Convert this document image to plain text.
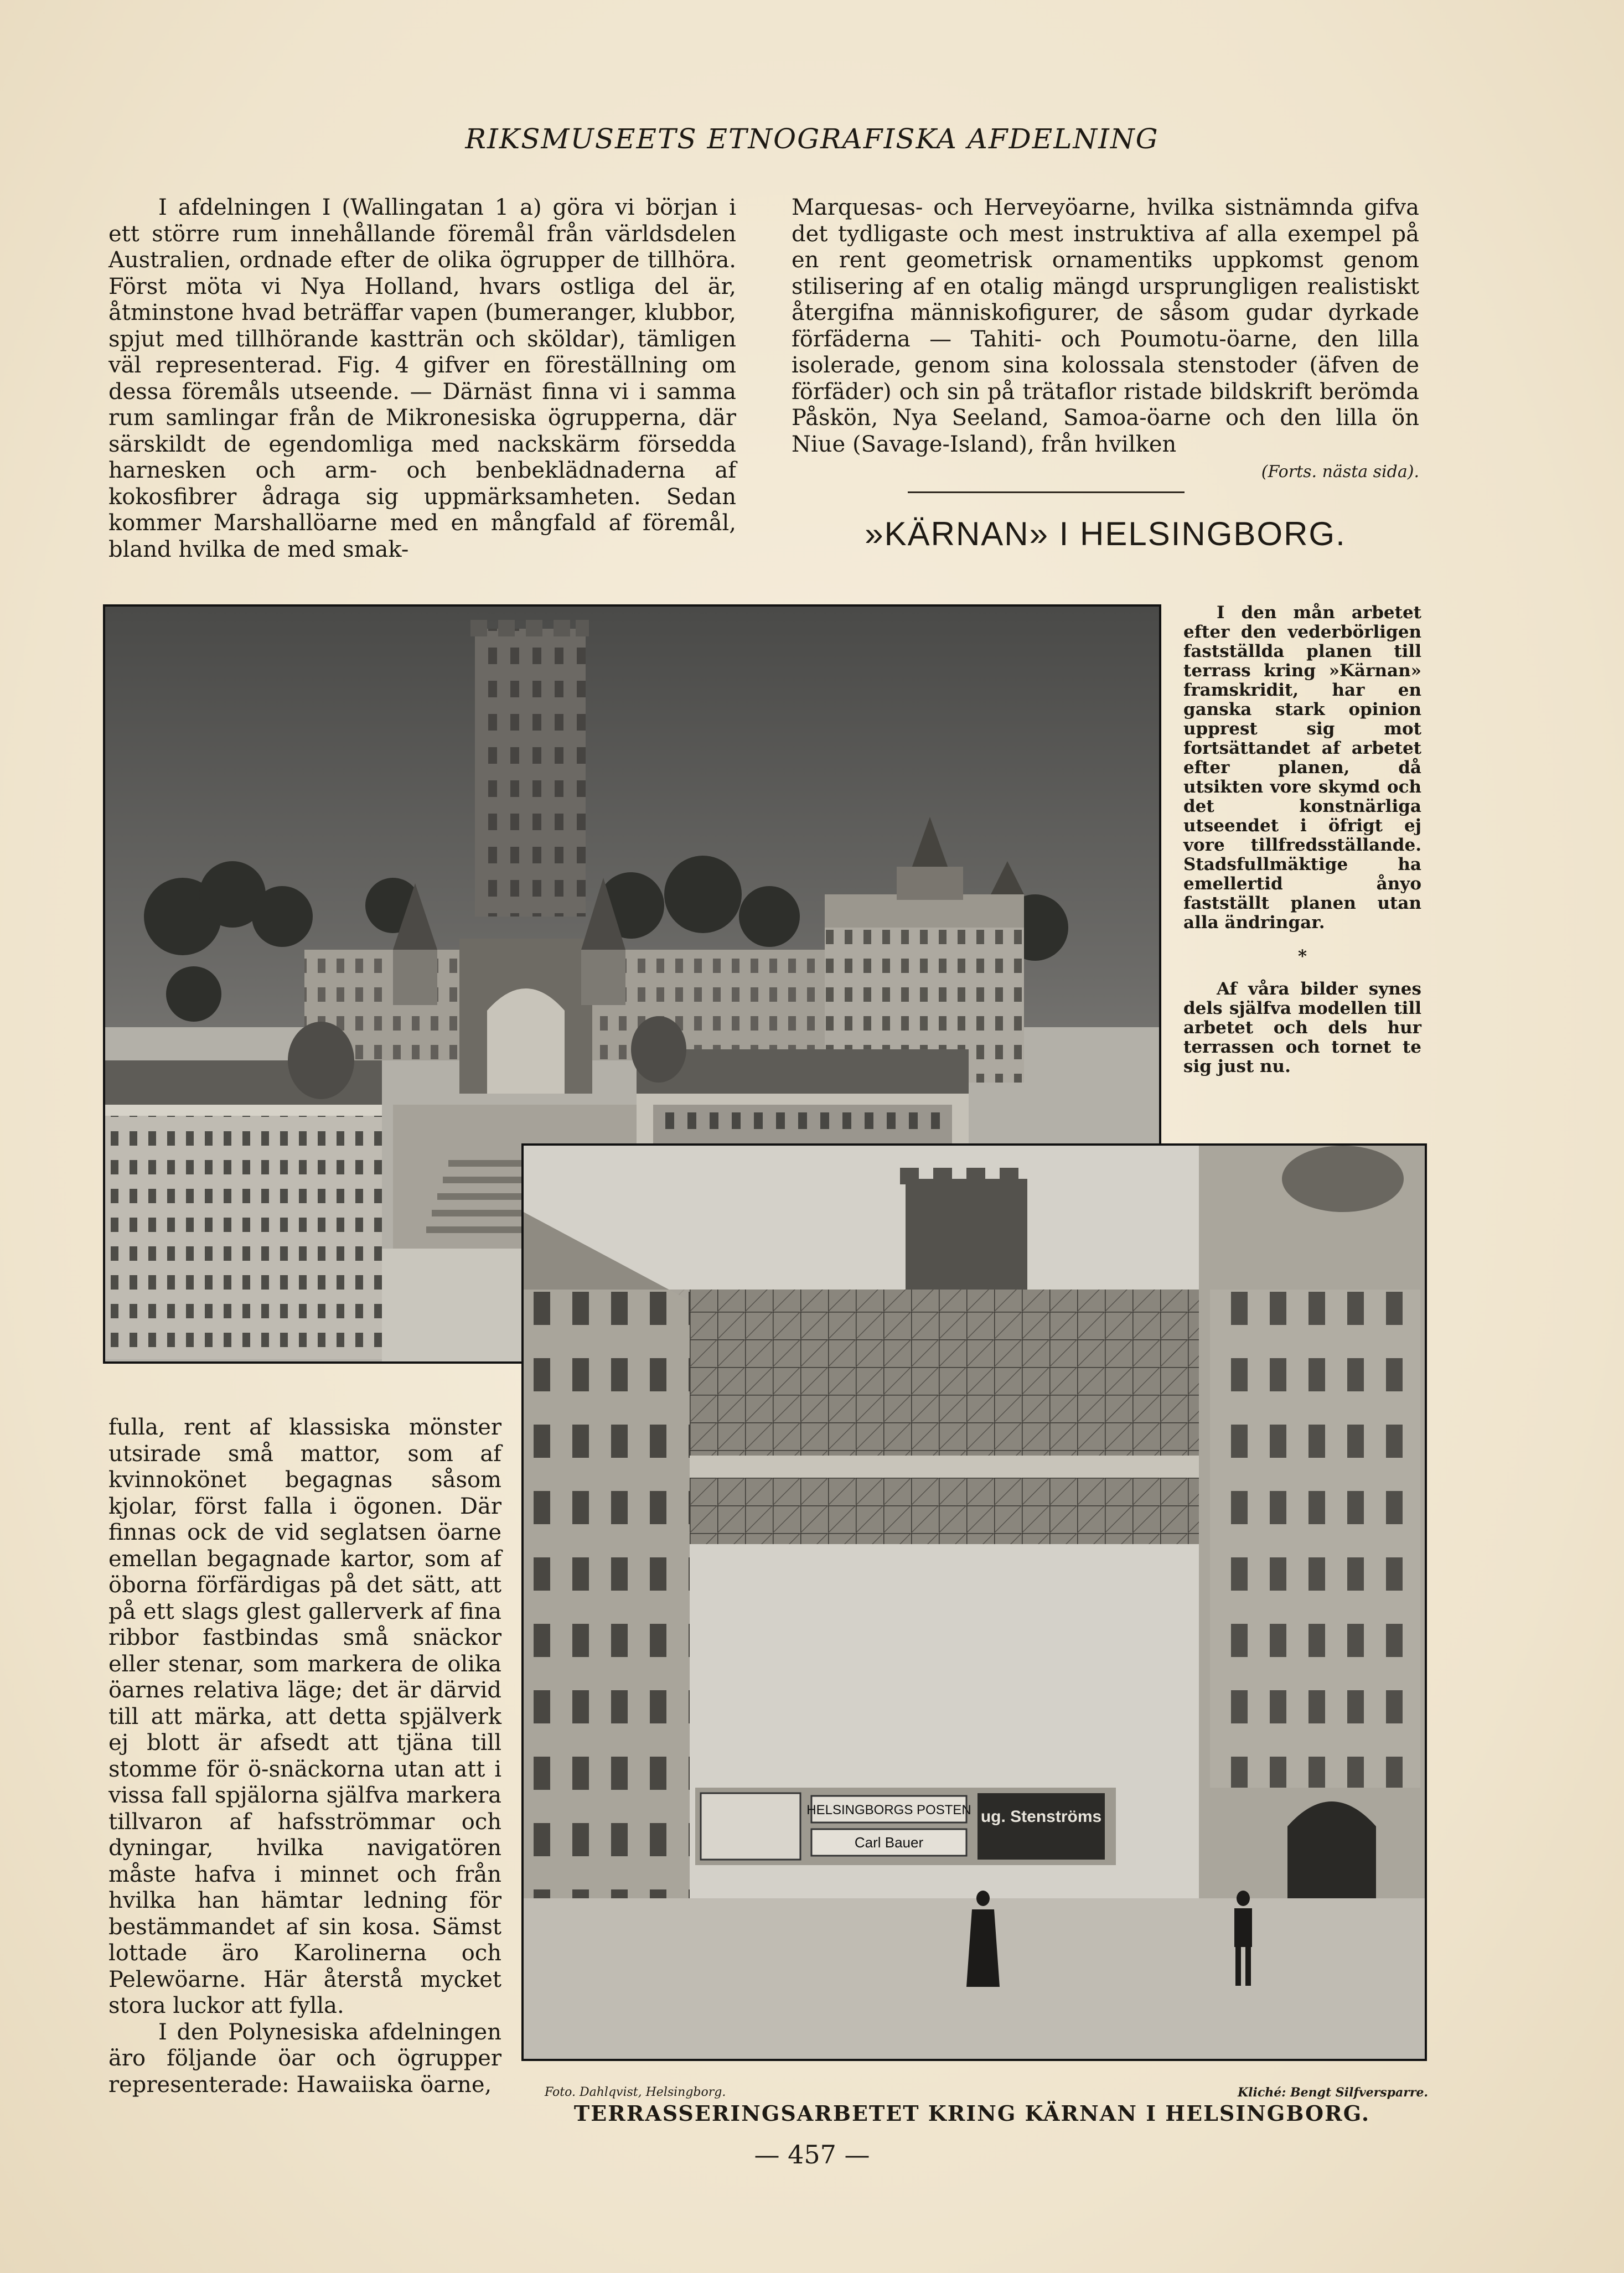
RIKSMUSEETS ETNOGRAFISKA AFDELNING

I afdelningen I (Wallingatan 1 a) göra vi början i ett större rum innehållande föremål från världsdelen Australien, ordnade efter de olika ögrupper de tillhöra. Först möta vi Nya Holland, hvars ostliga del är, åtminstone hvad beträffar vapen (bumeranger, klubbor, spjut med tillhörande kastträn och sköldar), tämligen väl representerad. Fig. 4 gifver en föreställning om dessa föremåls utseende. — Därnäst finna vi i samma rum samlingar från de Mikronesiska ögrupperna, där särskildt de egendomliga med nackskärm försedda harnesken och arm- och benbeklädnaderna af kokosfibrer ådraga sig uppmärksamheten. Sedan kommer Marshallöarne med en mångfald af föremål, bland hvilka de med smak-

Marquesas- och Herveyöarne, hvilka sistnämnda gifva det tydligaste och mest instruktiva af alla exempel på en rent geometrisk ornamentiks uppkomst genom stilisering af en otalig mängd ursprungligen realistiskt återgifna människofigurer, de såsom gudar dyrkade förfäderna — Tahiti- och Poumotu-öarne, den lilla isolerade, genom sina kolossala stenstoder (äfven de förfäder) och sin på trätaflor ristade bildskrift berömda Påskön, Nya Seeland, Samoa-öarne och den lilla ön Niue (Savage-Island), från hvilken

(Forts. nästa sida).
»KÄRNAN» I HELSINGBORG.

I den mån arbetet efter den vederbörligen fastställda planen till terrass kring »Kärnan» framskridit, har en ganska stark opinion upprest sig mot fortsättandet af arbetet efter planen, då utsikten vore skymd och det konstnärliga utseendet i öfrigt ej vore tillfredsställande. Stadsfullmäktige ha emellertid ånyo fastställt planen utan alla ändringar.

*

Af våra bilder synes dels själfva modellen till arbetet och dels hur terrassen och tornet te sig just nu.

HELSINGBORGS POSTEN
Carl Bauer
ug. Stenströms

fulla, rent af klassiska mönster utsirade små mattor, som af kvinnokönet begagnas såsom kjolar, först falla i ögonen. Där finnas ock de vid seglatsen öarne emellan begagnade kartor, som af öborna förfärdigas på det sätt, att på ett slags glest gallerverk af fina ribbor fastbindas små snäckor eller stenar, som markera de olika öarnes relativa läge; det är därvid till att märka, att detta spjälverk ej blott är afsedt att tjäna till stomme för ö-snäckorna utan att i vissa fall spjälorna själfva markera tillvaron af hafsströmmar och dyningar, hvilka navigatören måste hafva i minnet och från hvilka han hämtar ledning för bestämmandet af sin kosa. Sämst lottade äro Karolinerna och Pelewöarne. Här återstå mycket stora luckor att fylla.

I den Polynesiska afdelningen äro följande öar och ögrupper representerade: Hawaiiska öarne,	Foto. Dahlqvist, Helsingborg.	Kliché: Bengt Silfversparre.
TERRASSERINGSARBETET KRING KÄRNAN I HELSINGBORG.
— 457 —
